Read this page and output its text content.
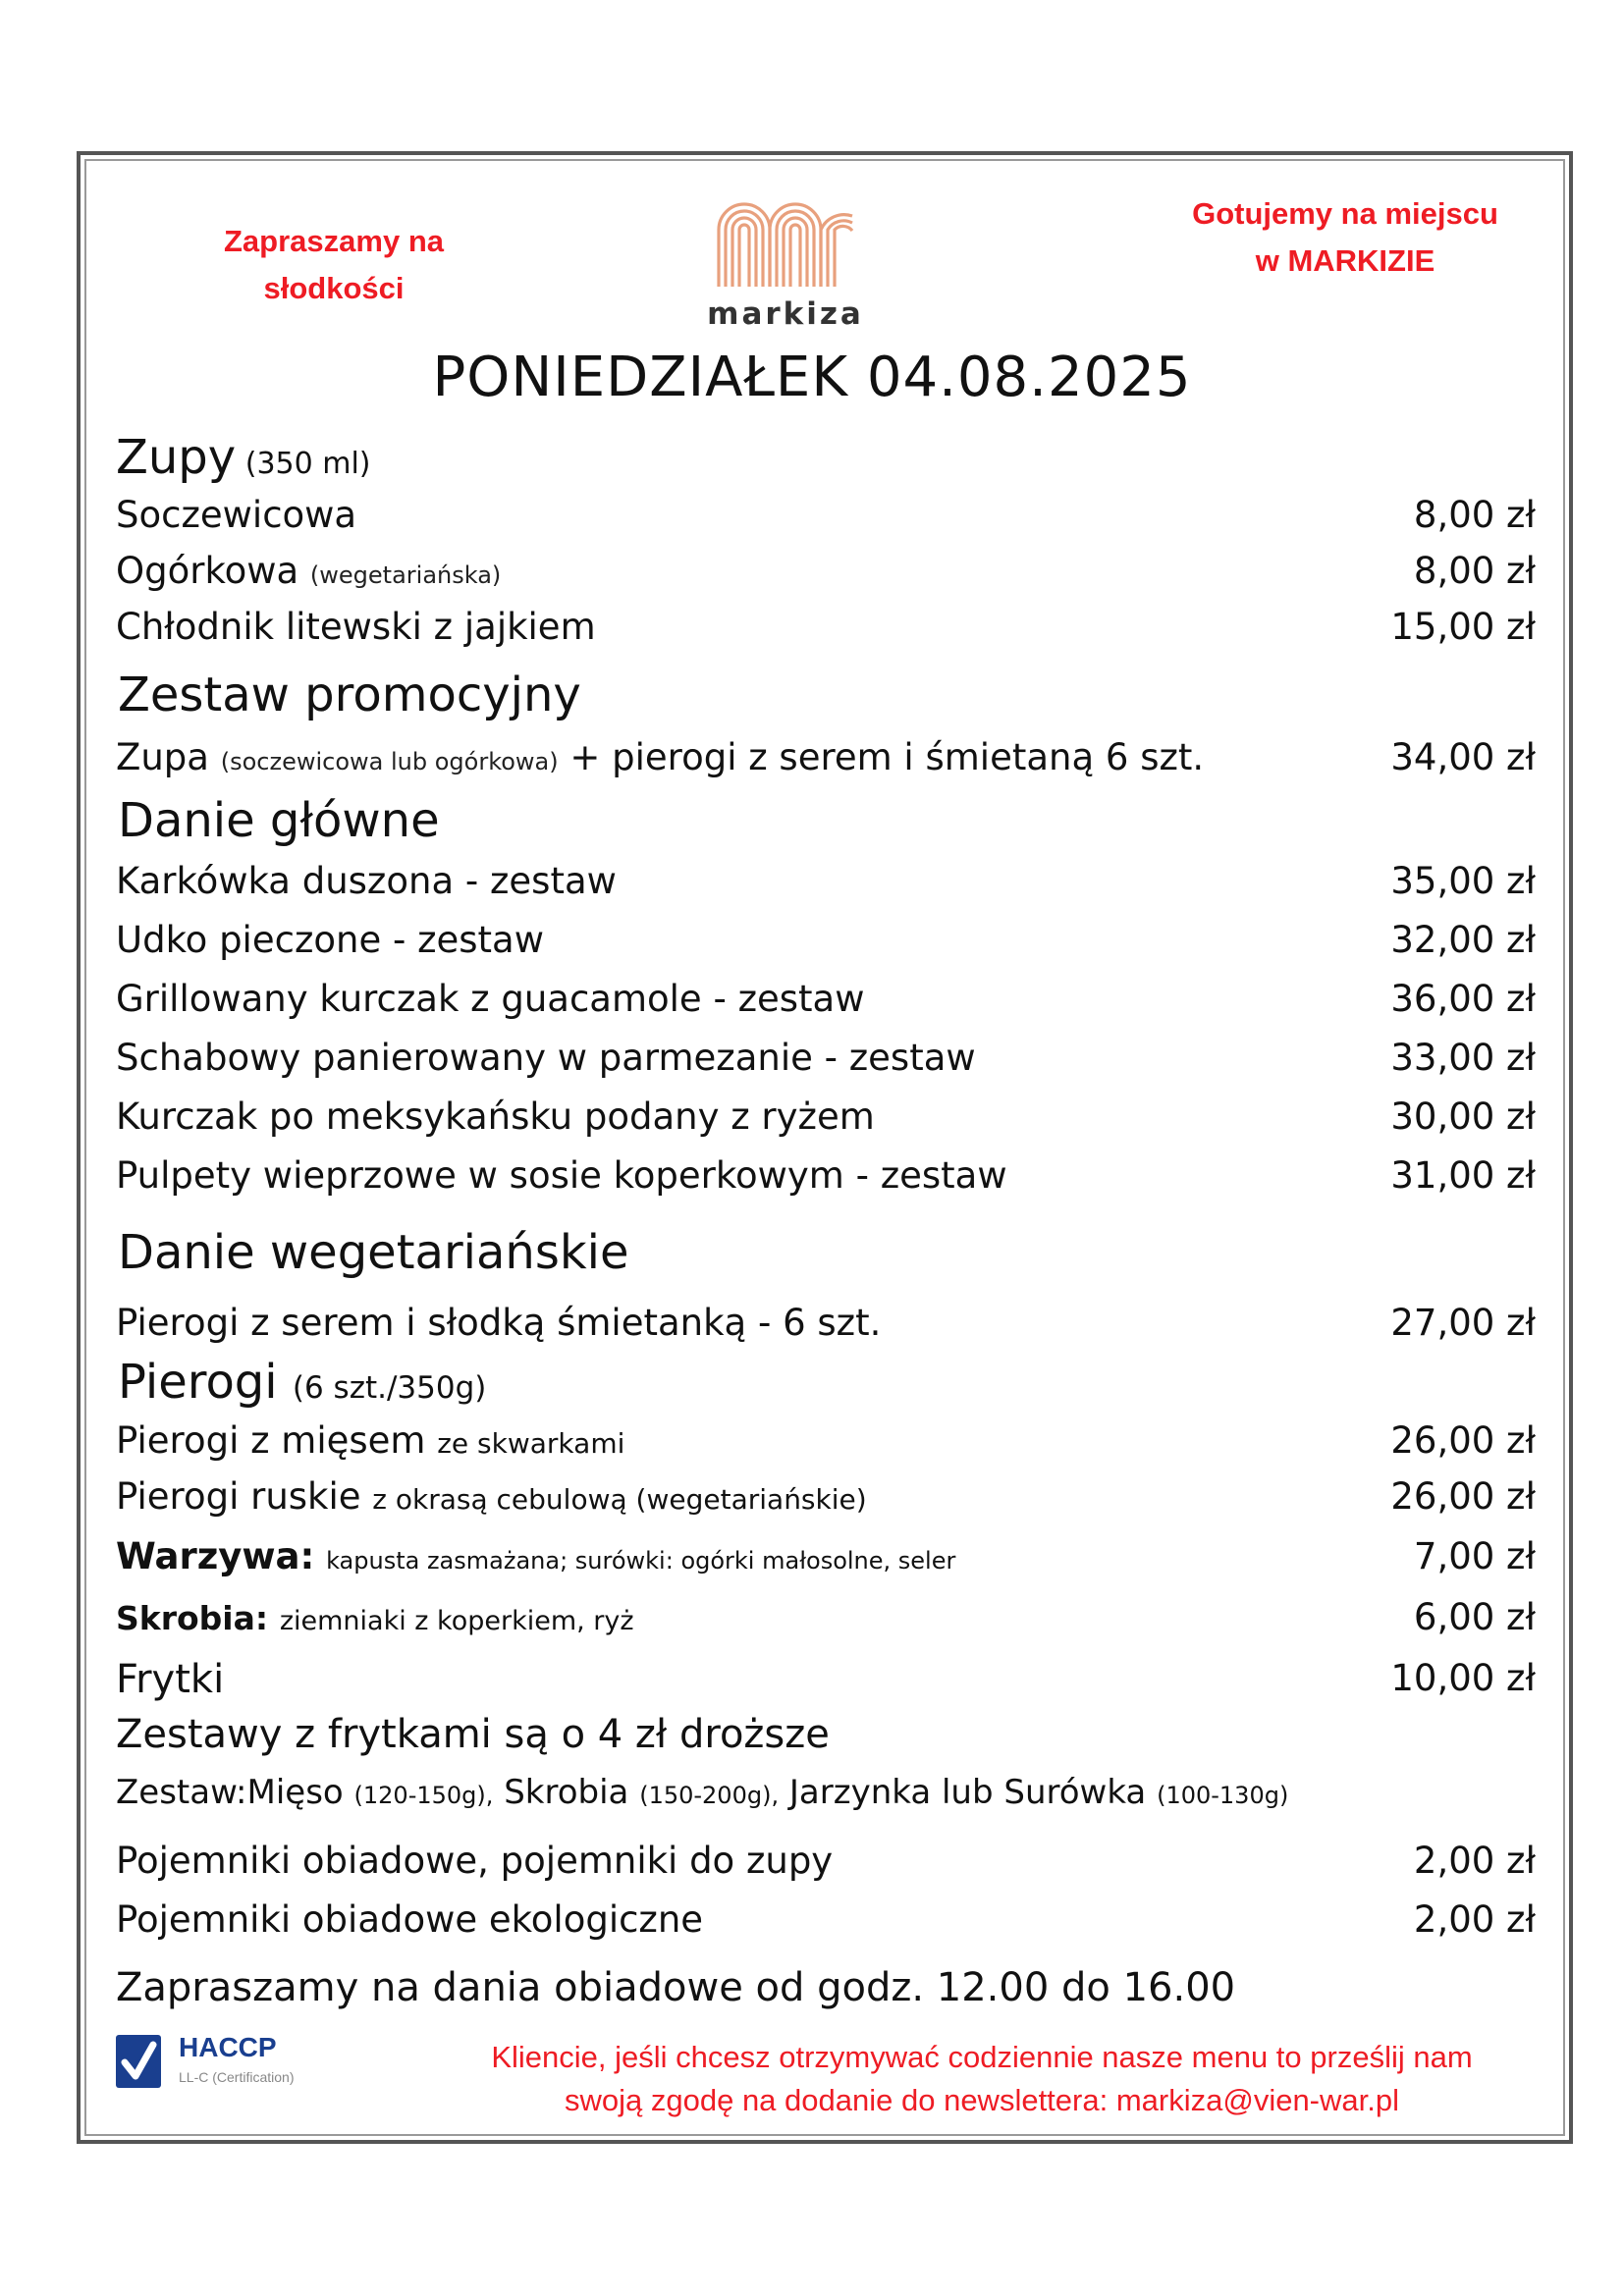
Zapraszamy na
słodkości
Gotujemy na miejscu
w MARKIZIE
markiza
PONIEDZIAŁEK 04.08.2025
Zupy (350 ml)
Soczewicowa	8,00 zł
Ogórkowa (wegetariańska)	8,00 zł
Chłodnik litewski z jajkiem	15,00 zł
Zestaw promocyjny
Zupa (soczewicowa lub ogórkowa) + pierogi z serem i śmietaną 6 szt.	34,00 zł
Danie główne
Karkówka duszona - zestaw	35,00 zł
Udko pieczone - zestaw	32,00 zł
Grillowany kurczak z guacamole - zestaw	36,00 zł
Schabowy panierowany w parmezanie - zestaw	33,00 zł
Kurczak po meksykańsku podany z ryżem	30,00 zł
Pulpety wieprzowe w sosie koperkowym - zestaw	31,00 zł
Danie wegetariańskie
Pierogi z serem i słodką śmietanką - 6 szt.	27,00 zł
Pierogi (6 szt./350g)
Pierogi z mięsem ze skwarkami	26,00 zł
Pierogi ruskie z okrasą cebulową (wegetariańskie)	26,00 zł
Warzywa: kapusta zasmażana; surówki: ogórki małosolne, seler	7,00 zł
Skrobia: ziemniaki z koperkiem, ryż	6,00 zł
Frytki	10,00 zł
Zestawy z frytkami są o 4 zł droższe
Zestaw:Mięso (120-150g), Skrobia (150-200g), Jarzynka lub Surówka (100-130g)
Pojemniki obiadowe, pojemniki do zupy	2,00 zł
Pojemniki obiadowe ekologiczne	2,00 zł
Zapraszamy na dania obiadowe od godz. 12.00 do 16.00
HACCP
LL-C (Certification)
Kliencie, jeśli chcesz otrzymywać codziennie nasze menu to prześlij nam
swoją zgodę na dodanie do newslettera: markiza@vien-war.pl
